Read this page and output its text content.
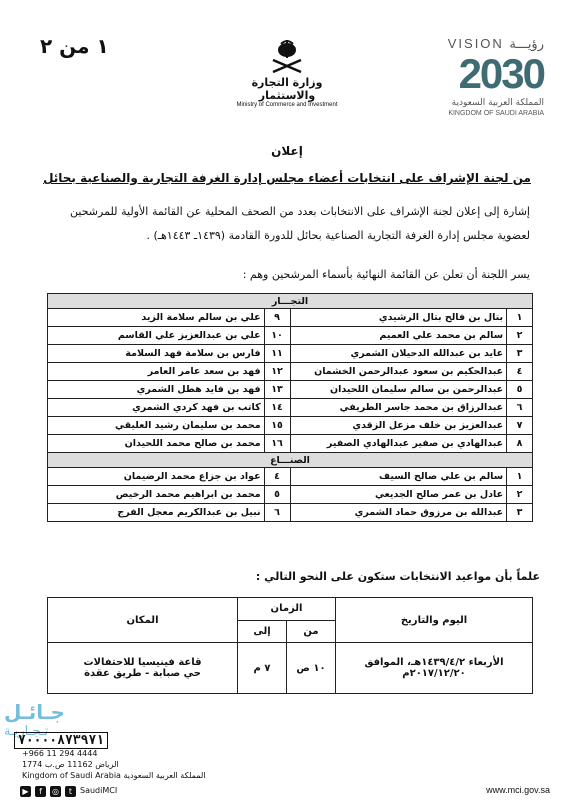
١ من ٢
وزارة التجارة والاستثمار
Ministry of Commerce and Investment
VISION رؤيـــة
2030
المملكة العربية السعودية
KINGDOM OF SAUDI ARABIA
إعلان
من لجنة الإشراف على انتخابات أعضاء مجلس إدارة الغرفة التجارية والصناعية بحائل
إشارة إلى إعلان لجنة الإشراف على الانتخابات بعدد من الصحف المحلية عن القائمة الأولية للمرشحين لعضوية مجلس إدارة الغرفة التجارية الصناعية بحائل للدورة القادمة (١٤٣٩ـ ١٤٤٣هـ) .
يسر اللجنة أن تعلن عن القائمة النهائية بأسماء المرشحين وهم :
التجـــار			
١	بتال بن فالح بتال الرشيدي	٩	علي بن سالم سلامة الزيد
٢	سالم بن محمد علي العميم	١٠	علي بن عبدالعزيز علي القاسم
٣	عايد بن عبدالله الدحيلان الشمري	١١	فارس بن سلامة فهد السلامة
٤	عبدالحكيم بن سعود عبدالرحمن الخشمان	١٢	فهد بن سعد عامر العامر
٥	عبدالرحمن بن سالم سليمان اللحيدان	١٣	فهد بن فايد هطل الشمري
٦	عبدالرزاق بن محمد جاسر الطريفي	١٤	كاتب بن فهد كردي الشمري
٧	عبدالعزيز بن خلف مزعل الزقدي	١٥	محمد بن سليمان رشيد العليقي
٨	عبدالهادي بن صفير عبدالهادي الصفير	١٦	محمد بن صالح محمد اللحيدان
الصنـــاع			
١	سالم بن علي صالح السيف	٤	عواد بن جزاع محمد الرضيمان
٢	عادل بن عمر صالح الجديعي	٥	محمد بن ابراهيم محمد الرخيص
٣	عبدالله بن مرزوق حماد الشمري	٦	نبيل بن عبدالكريم معجل الفرج
علماً بأن مواعيد الانتخابات ستكون على النحو التالي :
اليوم والتاريخ	الزمان		المكان
	من	إلى	
الأربعاء ١٤٣٩/٤/٢هـ، الموافق ٢٠١٧/١٢/٢٠م	١٠ ص	٧ م	قاعة فينيسيا للاحتفالات
حي صبابة - طريق عقدة
جـائـل
تـجـاريـة
٧٠٠٠٠٨٧٣٩٧١
+966 11 294 4444
الرياض 11162 ص.ب 1774
Kingdom of Saudi Arabia المملكة العربية السعودية
▶	f	◎	t SaudiMCI	www.mci.gov.sa
